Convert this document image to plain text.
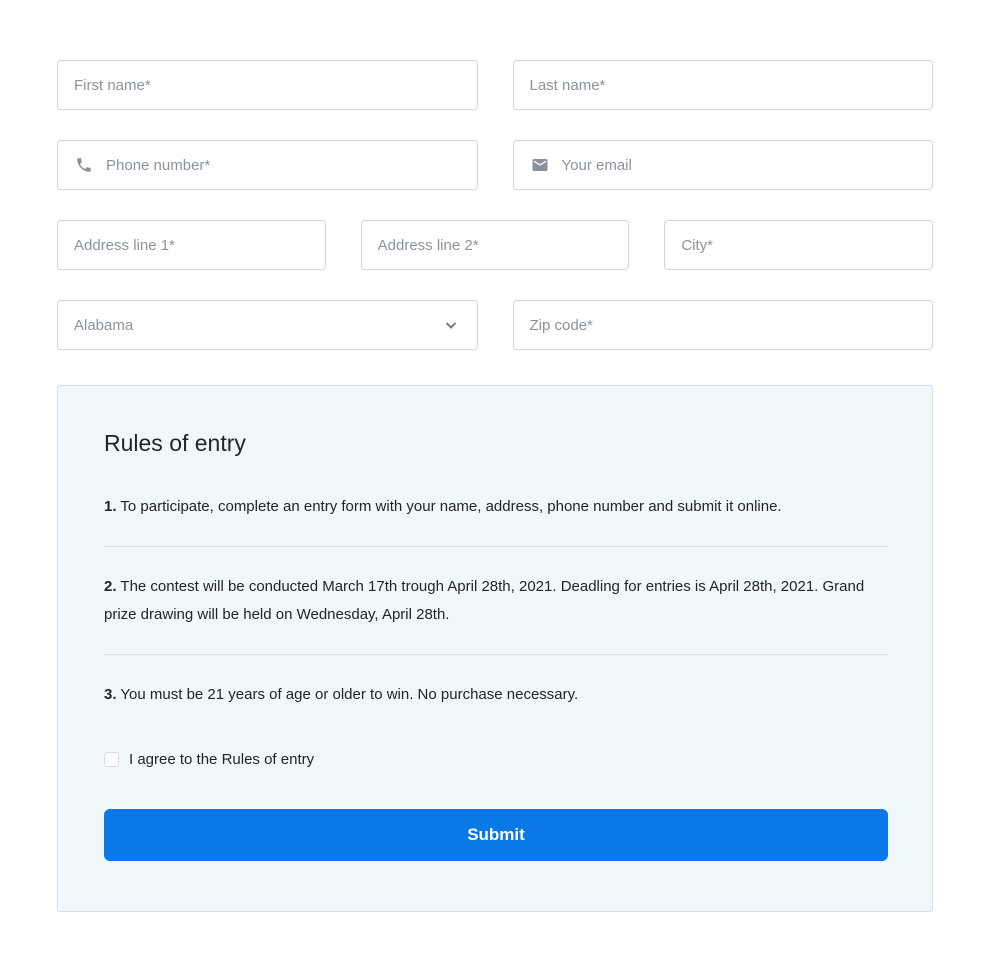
First name*
Last name*
Phone number*
Your email
Address line 1*
Address line 2*
City*
Alabama
Zip code*
Rules of entry

1. To participate, complete an entry form with your name, address, phone number and submit it online.

2. The contest will be conducted March 17th trough April 28th, 2021. Deadling for entries is April 28th, 2021. Grand prize drawing will be held on Wednesday, April 28th.

3. You must be 21 years of age or older to win. No purchase necessary.

I agree to the Rules of entry
Submit
